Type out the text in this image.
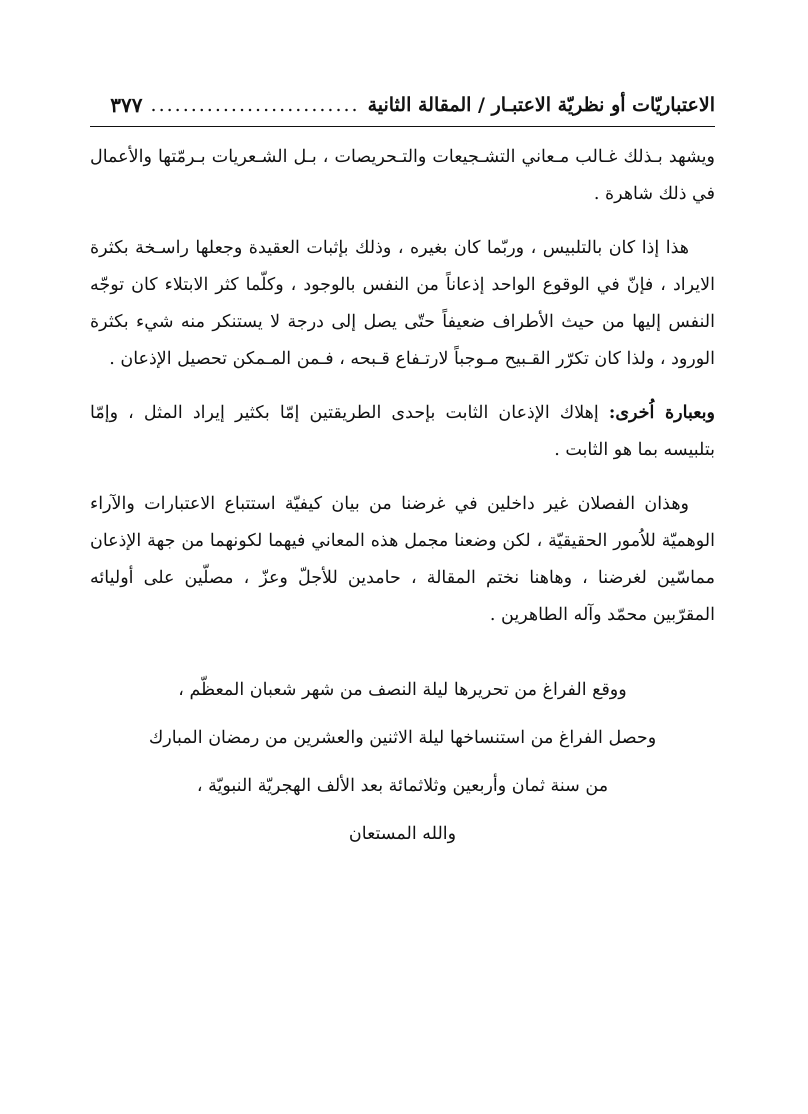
الاعتباريّات أو نظريّة الاعتبـار / المقالة الثانية
..........................
٣٧٧

ويشهد بـذلك غـالب مـعاني التشـجيعات والتـحريصات ، بـل الشـعريات بـرمّتها والأعمال في ذلك شاهرة .

هذا إذا كان بالتلبيس ، وربّما كان بغيره ، وذلك بإثبات العقيدة وجعلها راسـخة بكثرة الايراد ، فإنّ في الوقوع الواحد إذعاناً من النفس بالوجود ، وكلّما كثر الابتلاء كان توجّه النفس إليها من حيث الأطراف ضعيفاً حتّى يصل إلى درجة لا يستنكر منه شيء بكثرة الورود ، ولذا كان تكرّر القـبيح مـوجباً لارتـفاع قـبحه ، فـمن المـمكن تحصيل الإذعان .

وبعبارة اُخرى: إهلاك الإذعان الثابت بإحدى الطريقتين إمّا بكثير إيراد المثل ، وإمّا بتلبيسه بما هو الثابت .

وهذان الفصلان غير داخلين في غرضنا من بيان كيفيّة استتباع الاعتبارات والآراء الوهميّة للاُمور الحقيقيّة ، لكن وضعنا مجمل هذه المعاني فيهما لكونهما من جهة الإذعان مماسّين لغرضنا ، وهاهنا نختم المقالة ، حامدين للأجلّ وعزّ ، مصلّين على أوليائه المقرّبين محمّد وآله الطاهرين .

ووقع الفراغ من تحريرها ليلة النصف من شهر شعبان المعظّم ،
وحصل الفراغ من استنساخها ليلة الاثنين والعشرين من رمضان المبارك
من سنة ثمان وأربعين وثلاثمائة بعد الألف الهجريّة النبويّة ،
والله المستعان
